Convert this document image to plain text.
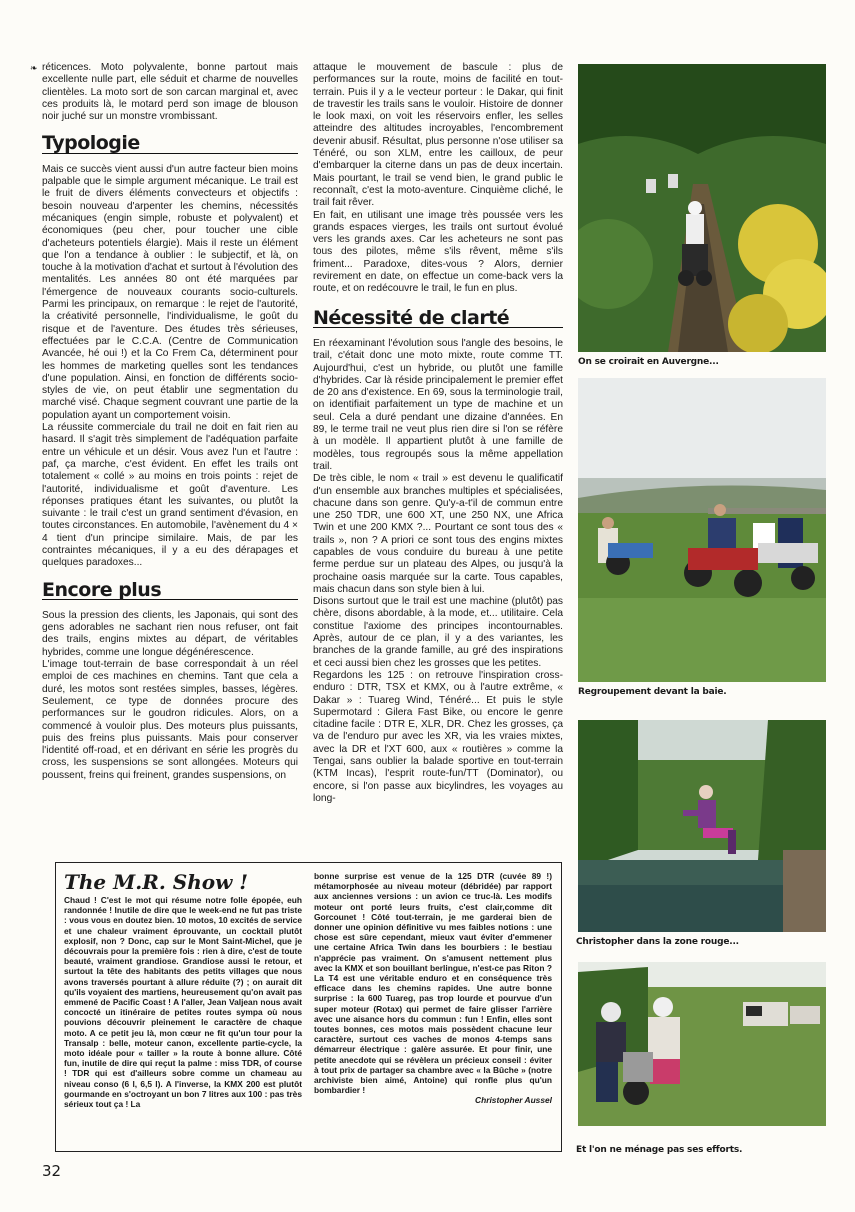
❧ réticences. Moto polyvalente, bonne partout mais excellente nulle part, elle séduit et charme de nouvelles clientèles. La moto sort de son carcan marginal et, avec ces produits là, le motard perd son image de blouson noir juché sur un monstre vrombissant.

Typologie

Mais ce succès vient aussi d'un autre facteur bien moins palpable que le simple argument mécanique. Le trail est le fruit de divers éléments convecteurs et objectifs : besoin nouveau d'arpenter les chemins, nécessités mécaniques (engin simple, robuste et polyvalent) et économiques (peu cher, pour toucher une cible d'acheteurs potentiels élargie). Mais il reste un élément que l'on a tendance à oublier : le subjectif, et là, on touche à la motivation d'achat et surtout à l'évolution des mentalités. Les années 80 ont été marquées par l'émergence de nouveaux courants socio-culturels. Parmi les principaux, on remarque : le rejet de l'autorité, la créativité personnelle, l'individualisme, le goût du risque et de l'aventure. Des études très sérieuses, effectuées par le C.C.A. (Centre de Communication Avancée, hé oui !) et la Co Frem Ca, déterminent pour les hommes de marketing quelles sont les tendances d'une population. Ainsi, en fonction de différents socio-styles de vie, on peut établir une segmentation du marché visé. Chaque segment couvrant une partie de la population ayant un comportement voisin.

La réussite commerciale du trail ne doit en fait rien au hasard. Il s'agit très simplement de l'adéquation parfaite entre un véhicule et un désir. Vous avez l'un et l'autre : paf, ça marche, c'est évident. En effet les trails ont totalement « collé » au moins en trois points : rejet de l'autorité, individualisme et goût d'aventure. Les réponses pratiques étant les suivantes, ou plutôt la suivante : le trail c'est un grand sentiment d'évasion, en toutes circonstances. En automobile, l'avènement du 4 × 4 tient d'un principe similaire. Mais, de par les contraintes mécaniques, il y a eu des dérapages et quelques paradoxes...

Encore plus

Sous la pression des clients, les Japonais, qui sont des gens adorables ne sachant rien nous refuser, ont fait des trails, engins mixtes au départ, de véritables hybrides, comme une longue dégénérescence.

L'image tout-terrain de base correspondait à un réel emploi de ces machines en chemins. Tant que cela a duré, les motos sont restées simples, basses, légères. Seulement, ce type de données procure des performances sur le goudron ridicules. Alors, on a commencé à vouloir plus. Des moteurs plus puissants, puis des freins plus puissants. Mais pour conserver l'identité off-road, et en dérivant en série les progrès du cross, les suspensions se sont allongées. Moteurs qui poussent, freins qui freinent, grandes suspensions, on

attaque le mouvement de bascule : plus de performances sur la route, moins de facilité en tout-terrain. Puis il y a le vecteur porteur : le Dakar, qui finit de travestir les trails sans le vouloir. Histoire de donner le look maxi, on voit les réservoirs enfler, les selles atteindre des altitudes incroyables, l'encombrement devenir abusif. Résultat, plus personne n'ose utiliser sa Ténéré, ou son XLM, entre les cailloux, de peur d'embarquer la citerne dans un pas de deux incertain. Mais pourtant, le trail se vend bien, le grand public le reconnaît, c'est la moto-aventure. Cinquième cliché, le trail fait rêver.

En fait, en utilisant une image très poussée vers les grands espaces vierges, les trails ont surtout évolué vers les grands axes. Car les acheteurs ne sont pas tous des pilotes, même s'ils rêvent, même s'ils friment... Paradoxe, dites-vous ? Alors, dernier revirement en date, on effectue un come-back vers la route, et on redécouvre le trail, le fun en plus.

Nécessité de clarté

En réexaminant l'évolution sous l'angle des besoins, le trail, c'était donc une moto mixte, route comme TT. Aujourd'hui, c'est un hybride, ou plutôt une famille d'hybrides. Car là réside principalement le premier effet de 20 ans d'existence. En 69, sous la terminologie trail, on identifiait parfaitement un type de machine et un seul. Cela a duré pendant une dizaine d'années. En 89, le terme trail ne veut plus rien dire si l'on se réfère à un modèle. Il appartient plutôt à une famille de modèles, tous regroupés sous la même appellation trail.

De très cible, le nom « trail » est devenu le qualificatif d'un ensemble aux branches multiples et spécialisées, chacune dans son genre. Qu'y-a-t'il de commun entre une 250 TDR, une 600 XT, une 250 NX, une Africa Twin et une 200 KMX ?... Pourtant ce sont tous des « trails », non ? A priori ce sont tous des engins mixtes capables de vous conduire du bureau à une petite ferme perdue sur un plateau des Alpes, ou jusqu'à la prochaine oasis marquée sur la carte. Tous capables, mais chacun dans son style bien à lui.

Disons surtout que le trail est une machine (plutôt) pas chère, disons abordable, à la mode, et... utilitaire. Cela constitue l'axiome des principes incontournables. Après, autour de ce plan, il y a des variantes, les branches de la grande famille, au gré des inspirations et ceci aussi bien chez les grosses que les petites.

Regardons les 125 : on retrouve l'inspiration cross-enduro : DTR, TSX et KMX, ou à l'autre extrême, « Dakar » : Tuareg Wind, Ténéré... Et puis le style Supermotard : Gilera Fast Bike, ou encore le genre citadine facile : DTR E, XLR, DR. Chez les grosses, ça va de l'enduro pur avec les XR, via les vraies mixtes, avec la DR et l'XT 600, aux « routières » comme la Tengai, sans oublier la balade sportive en tout-terrain (KTM Incas), l'esprit route-fun/TT (Dominator), ou encore, si l'on passe aux bicylindres, les voyages au long-

On se croirait en Auvergne...
Regroupement devant la baie.
Christopher dans la zone rouge...
Et l'on ne ménage pas ses efforts.
The M.R. Show !
Chaud ! C'est le mot qui résume notre folle épopée, euh randonnée ! Inutile de dire que le week-end ne fut pas triste : vous vous en doutez bien. 10 motos, 10 excités de service et une chaleur vraiment éprouvante, un cocktail plutôt explosif, non ? Donc, cap sur le Mont Saint-Michel, que je découvrais pour la première fois : rien à dire, c'est de toute beauté, vraiment grandiose. Grandiose aussi le retour, et surtout la tête des habitants des petits villages que nous avons traversés pourtant à allure réduite (?) ; on aurait dit qu'ils voyaient des martiens, heureusement qu'on avait pas emmené de Pacific Coast ! A l'aller, Jean Valjean nous avait concocté un itinéraire de petites routes sympa où nous pouvions découvrir pleinement le caractère de chaque moto. A ce petit jeu là, mon cœur ne fit qu'un tour pour la Transalp : belle, moteur canon, excellente partie-cycle, la moto idéale pour « tailler » la route à bonne allure. Côté fun, inutile de dire qui reçut la palme : miss TDR, of course ! TDR qui est d'ailleurs sobre comme un chameau au niveau conso (6 l, 6,5 l). A l'inverse, la KMX 200 est plutôt gourmande en s'octroyant un bon 7 litres aux 100 : pas très sérieux tout ça ! La
bonne surprise est venue de la 125 DTR (cuvée 89 !) métamorphosée au niveau moteur (débridée) par rapport aux anciennes versions : un avion ce truc-là. Les modifs moteur ont porté leurs fruits, c'est clair,comme dit Gorcounet ! Côté tout-terrain, je me garderai bien de donner une opinion définitive vu mes faibles notions : une chose est sûre cependant, mieux vaut éviter d'emmener une certaine Africa Twin dans les bourbiers : le bestiau n'apprécie pas vraiment. On s'amusent nettement plus avec la KMX et son bouillant berlingue, n'est-ce pas Riton ? La T4 est une véritable enduro et en conséquence très efficace dans les chemins rapides. Une autre bonne surprise : la 600 Tuareg, pas trop lourde et pourvue d'un super moteur (Rotax) qui permet de faire glisser l'arrière avec une aisance hors du commun : fun ! Enfin, elles sont toutes bonnes, ces motos mais possèdent chacune leur caractère, surtout ces vaches de monos 4-temps sans démarreur électrique : galère assurée. Et pour finir, une petite anecdote qui se révèlera un précieux conseil : éviter à tout prix de partager sa chambre avec « la Bûche » (notre archiviste bien aimé, Antoine) qui ronfle plus qu'un bombardier !
Christopher Aussel
32
